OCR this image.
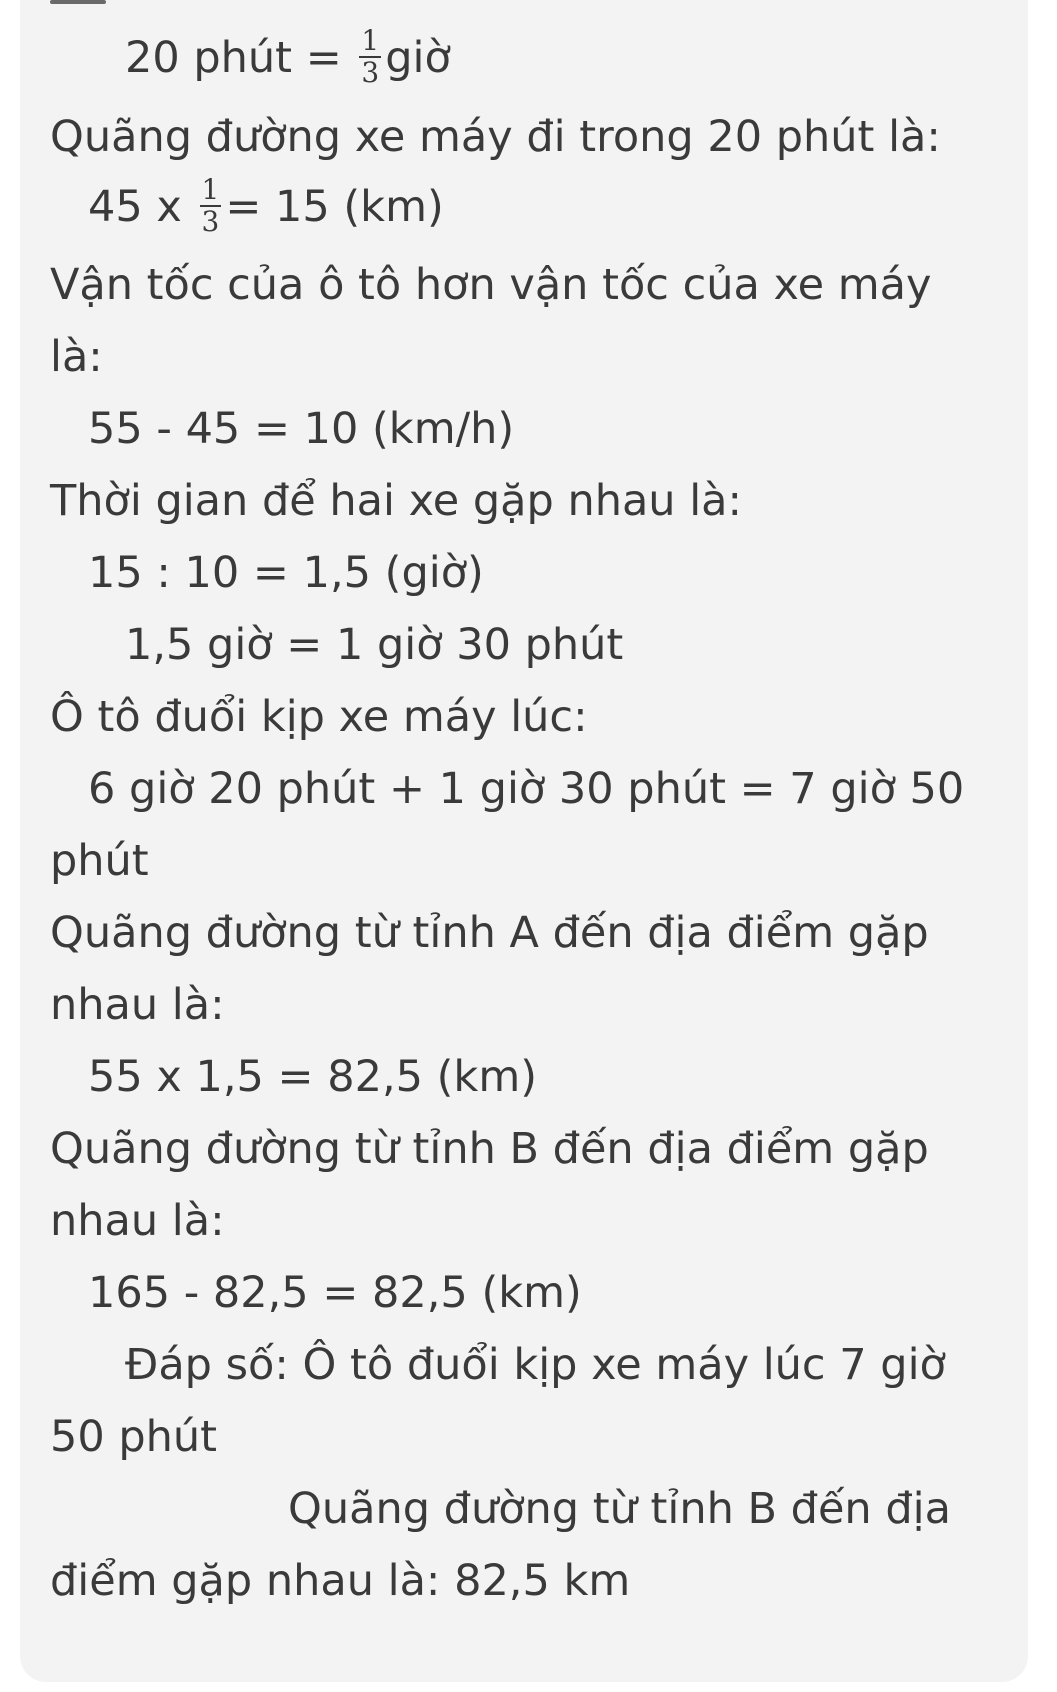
20 phút = $\frac{1}{3}$ giờ
Quãng đường xe máy đi trong 20 phút là:
45 x $\frac{1}{3} = 15$ (km)
Vận tốc của ô tô hơn vận tốc của xe máy
là:
55 - 45 = 10 (km/h)
Thời gian để hai xe gặp nhau là:
15 : 10 = 1,5 (giờ)
1,5 giờ = 1 giờ 30 phút
Ô tô đuổi kịp xe máy lúc:
6 giờ 20 phút + 1 giờ 30 phút = 7 giờ 50
phút
Quãng đường từ tỉnh A đến địa điểm gặp
nhau là:
55 x 1,5 = 82,5 (km)
Quãng đường từ tỉnh B đến địa điểm gặp
nhau là:
165 - 82,5 = 82,5 (km)
Đáp số: Ô tô đuổi kịp xe máy lúc 7 giờ
50 phút
Quãng đường từ tỉnh B đến địa
điểm gặp nhau là: 82,5 km
